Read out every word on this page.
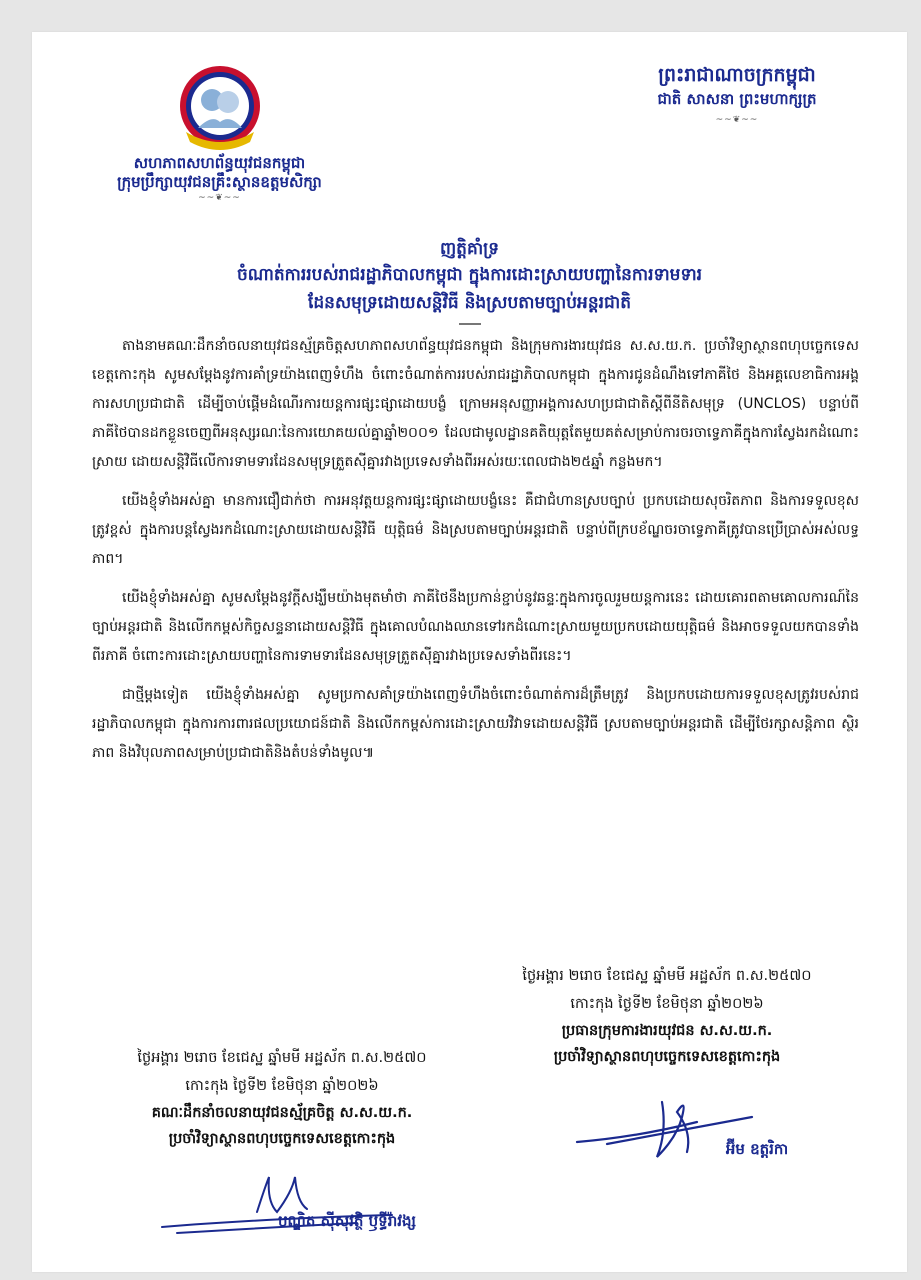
សហភាពសហព័ន្ធយុវជនកម្ពុជា
ក្រុមប្រឹក្សាយុវជនគ្រឹះស្ថានឧត្តមសិក្សា
~~❦~~
ព្រះរាជាណាចក្រកម្ពុជា
ជាតិ សាសនា ព្រះមហាក្សត្រ
~~❦~~
ញត្តិគាំទ្រ
ចំណាត់ការរបស់រាជរដ្ឋាភិបាលកម្ពុជា ក្នុងការដោះស្រាយបញ្ហានៃការទាមទារ
ដែនសមុទ្រដោយសន្តិវិធី និងស្របតាមច្បាប់អន្តរជាតិ

តាងនាមគណៈដឹកនាំចលនាយុវជនស្ម័គ្រចិត្តសហភាពសហព័ន្ធយុវជនកម្ពុជា និងក្រុមការងារយុវជន ស.ស.យ.ក. ប្រចាំវិទ្យាស្ថានពហុបច្ចេកទេសខេត្តកោះកុង សូមសម្តែងនូវការគាំទ្រយ៉ាងពេញទំហឹង ចំពោះចំណាត់ការរបស់រាជរដ្ឋាភិបាលកម្ពុជា ក្នុងការជូនដំណឹងទៅភាគីថៃ និងអគ្គលេខាធិការអង្គការសហប្រជាជាតិ ដើម្បីចាប់ផ្តើមដំណើរការយន្តការផ្សះផ្សាដោយបង្ខំ ក្រោមអនុសញ្ញាអង្គការសហប្រជាជាតិស្តីពីនីតិសមុទ្រ (UNCLOS) បន្ទាប់ពីភាគីថៃបានដកខ្លួនចេញពីអនុស្សរណៈនៃការយោគយល់គ្នាឆ្នាំ២០០១ ដែលជាមូលដ្ឋានគតិយុត្តតែមួយគត់សម្រាប់ការចរចាទ្វេភាគីក្នុងការស្វែងរកដំណោះស្រាយ ដោយសន្តិវិធីលើការទាមទារដែនសមុទ្រត្រួតស៊ីគ្នារវាងប្រទេសទាំងពីរអស់រយៈពេលជាង២៥ឆ្នាំ កន្លងមក។

យើងខ្ញុំទាំងអស់គ្នា មានការជឿជាក់ថា ការអនុវត្តយន្តការផ្សះផ្សាដោយបង្ខំនេះ គឺជាជំហានស្របច្បាប់ ប្រកបដោយសុចរិតភាព និងការទទួលខុសត្រូវខ្ពស់ ក្នុងការបន្តស្វែងរកដំណោះស្រាយដោយសន្តិវិធី យុត្តិធម៌ និងស្របតាមច្បាប់អន្តរជាតិ បន្ទាប់ពីក្របខ័ណ្ឌចរចាទ្វេភាគីត្រូវបានប្រើប្រាស់អស់លទ្ធភាព។

យើងខ្ញុំទាំងអស់គ្នា សូមសម្តែងនូវក្តីសង្ឃឹមយ៉ាងមុតមាំថា ភាគីថៃនឹងប្រកាន់ខ្ជាប់នូវឆន្ទៈក្នុងការចូលរួមយន្តការនេះ ដោយគោរពតាមគោលការណ៍នៃច្បាប់អន្តរជាតិ និងលើកកម្ពស់កិច្ចសន្ទនាដោយសន្តិវិធី ក្នុងគោលបំណងឈានទៅរកដំណោះស្រាយមួយប្រកបដោយយុត្តិធម៌ និងអាចទទួលយកបានទាំងពីរភាគី ចំពោះការដោះស្រាយបញ្ហានៃការទាមទារដែនសមុទ្រត្រួតស៊ីគ្នារវាងប្រទេសទាំងពីរនេះ។

ជាថ្មីម្តងទៀត យើងខ្ញុំទាំងអស់គ្នា សូមប្រកាសគាំទ្រយ៉ាងពេញទំហឹងចំពោះចំណាត់ការដ៏ត្រឹមត្រូវ និងប្រកបដោយការទទួលខុសត្រូវរបស់រាជរដ្ឋាភិបាលកម្ពុជា ក្នុងការការពារផលប្រយោជន៍ជាតិ និងលើកកម្ពស់ការដោះស្រាយវិវាទដោយសន្តិវិធី ស្របតាមច្បាប់អន្តរជាតិ ដើម្បីថែរក្សាសន្តិភាព ស្ថិរភាព និងវិបុលភាពសម្រាប់ប្រជាជាតិនិងតំបន់ទាំងមូល៕

ថ្ងៃអង្គារ ២រោច ខែជេស្ឋ ឆ្នាំមមី អដ្ឋស័ក ព.ស.២៥៧០
កោះកុង ថ្ងៃទី២ ខែមិថុនា ឆ្នាំ២០២៦
ប្រធានក្រុមការងារយុវជន ស.ស.យ.ក.
ប្រចាំវិទ្យាស្ថានពហុបច្ចេកទេសខេត្តកោះកុង
អ៊ីម ឧត្តរិកា
ថ្ងៃអង្គារ ២រោច ខែជេស្ឋ ឆ្នាំមមី អដ្ឋស័ក ព.ស.២៥៧០
កោះកុង ថ្ងៃទី២ ខែមិថុនា ឆ្នាំ២០២៦
គណៈដឹកនាំចលនាយុវជនស្ម័គ្រចិត្ត ស.ស.យ.ក.
ប្រចាំវិទ្យាស្ថានពហុបច្ចេកទេសខេត្តកោះកុង
បណ្ឌិត ស៊ីសុវត្ថិ ឫទ្ធីរ៉ាវង្ស
